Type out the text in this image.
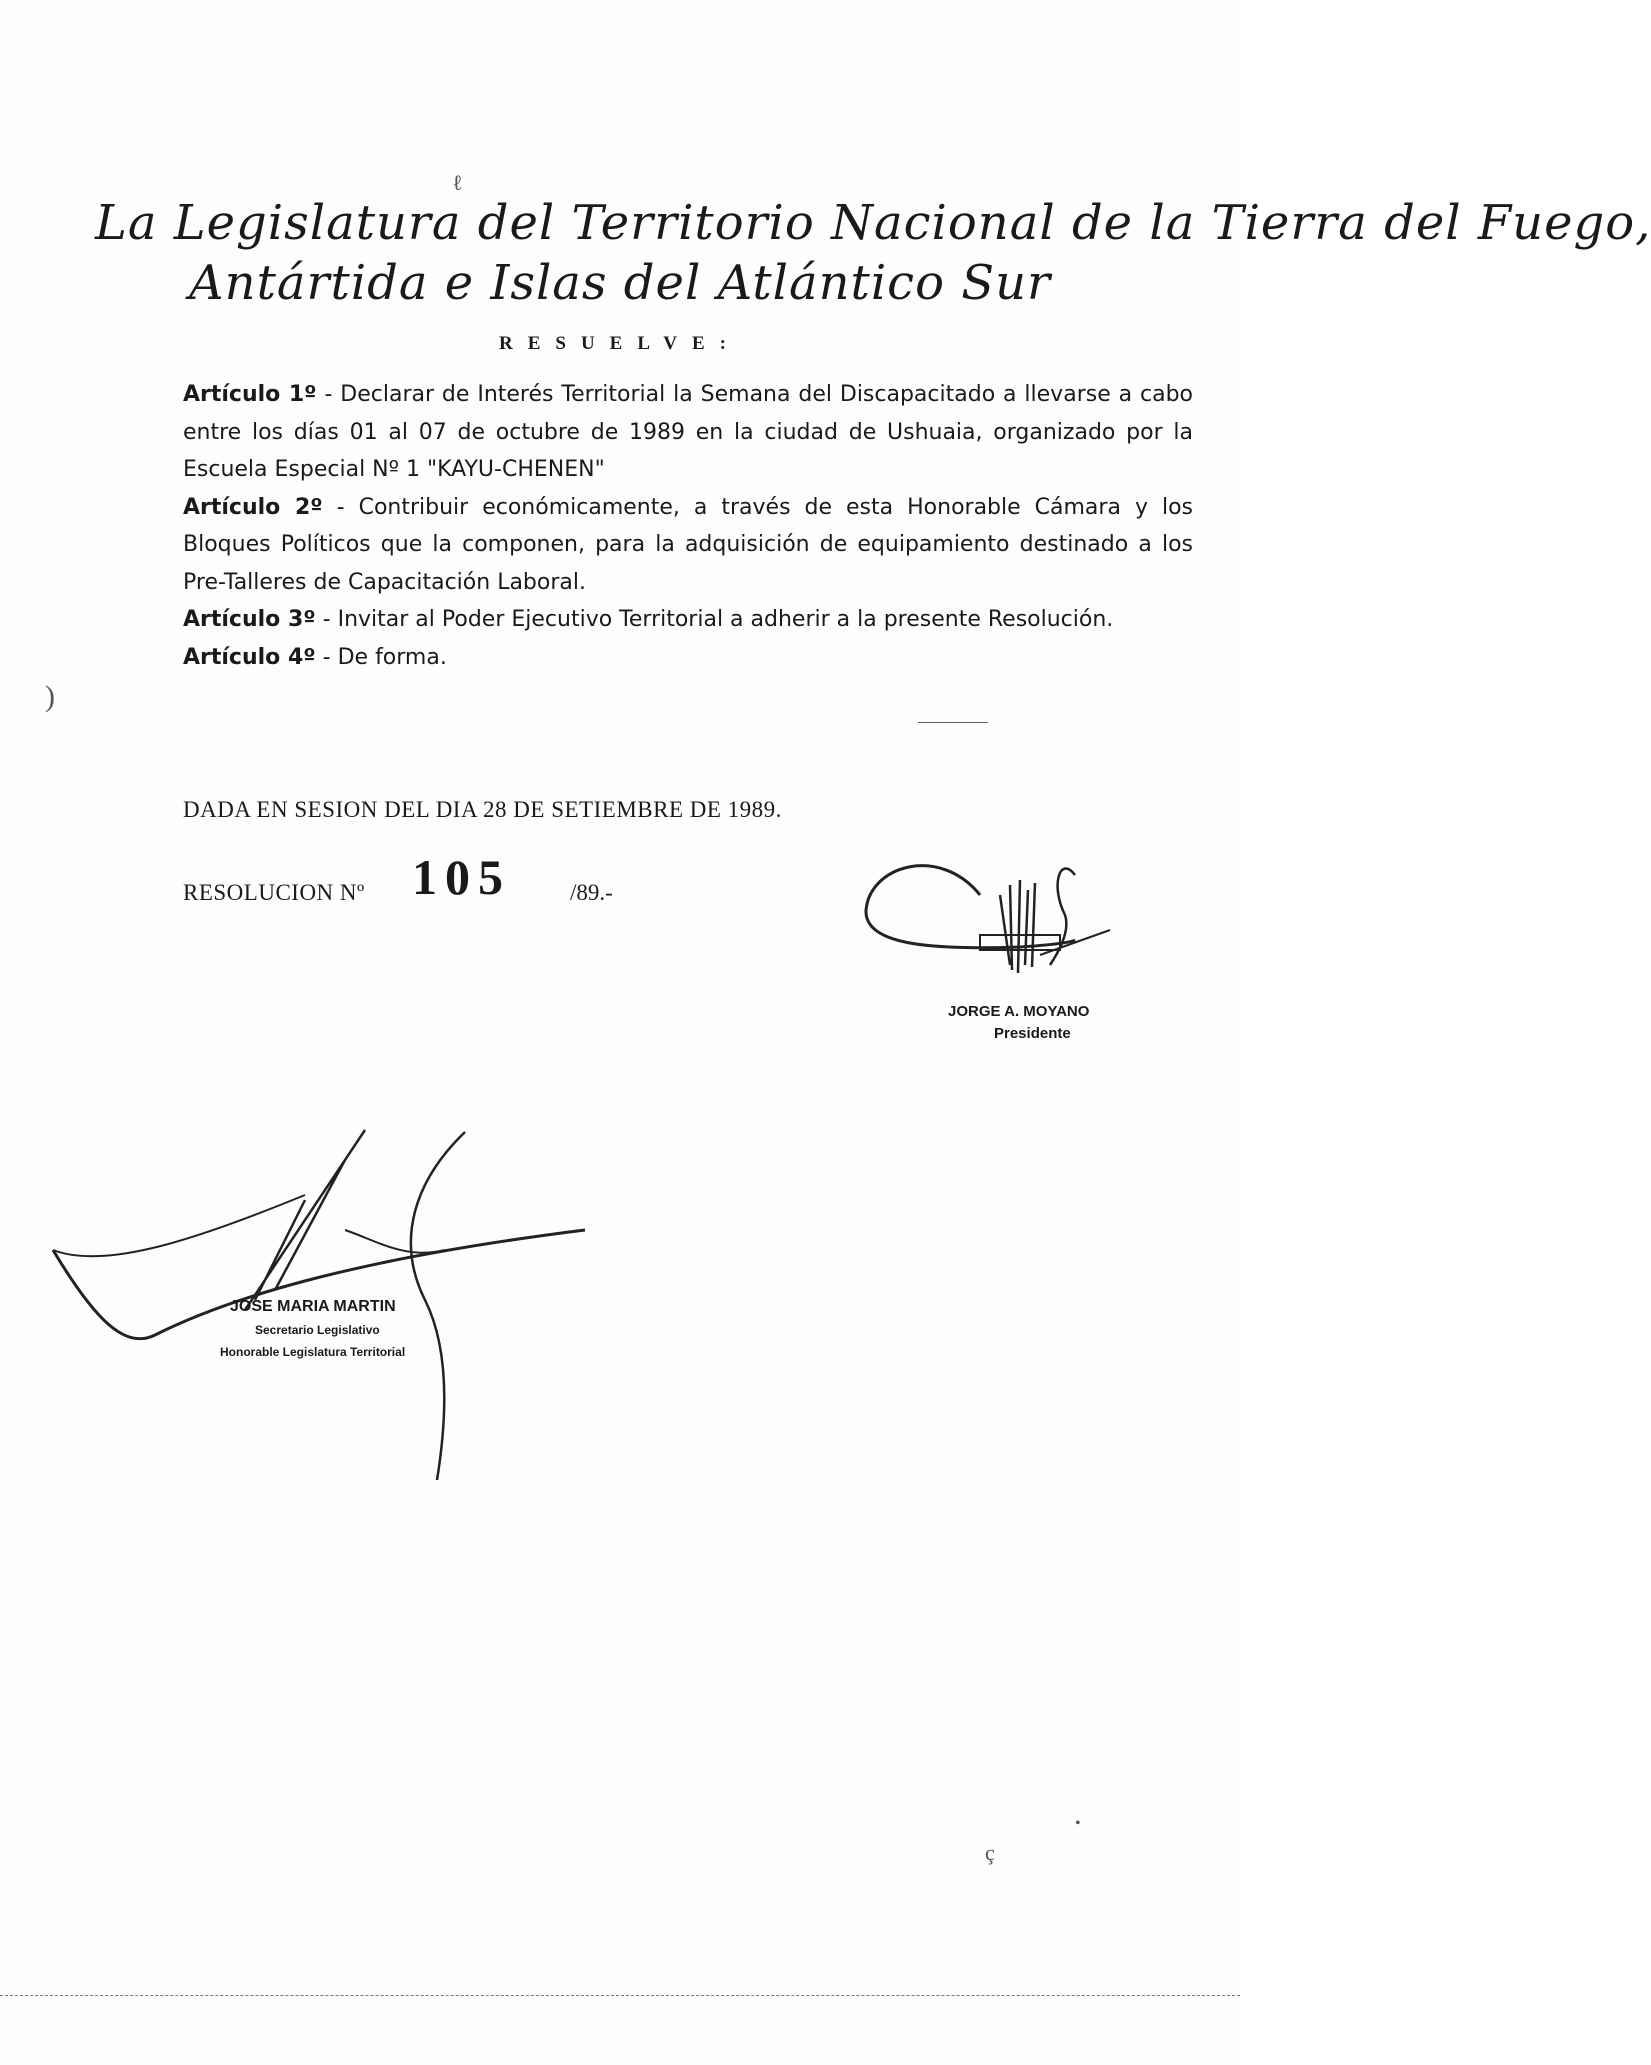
ℓ
)
ç
•
La Legislatura del Territorio Nacional de la Tierra del Fuego,
Antártida e Islas del Atlántico Sur
RESUELVE:

Artículo 1º - Declarar de Interés Territorial la Semana del Discapacitado a llevarse a cabo entre los días 01 al 07 de octubre de 1989 en la ciudad de Ushuaia, organizado por la Escuela Especial Nº 1 "KAYU-CHENEN"

Artículo 2º - Contribuir económicamente, a través de esta Honorable Cámara y los Bloques Políticos que la componen, para la adquisición de equipamiento destinado a los Pre-Talleres de Capacitación Laboral.

Artículo 3º - Invitar al Poder Ejecutivo Territorial a adherir a la presente Resolución.

Artículo 4º - De forma.

DADA EN SESION DEL DIA 28 DE SETIEMBRE DE 1989.
RESOLUCION Nº 105	/89.-
JORGE A. MOYANO
Presidente
JOSE MARIA MARTIN
Secretario Legislativo
Honorable Legislatura Territorial
